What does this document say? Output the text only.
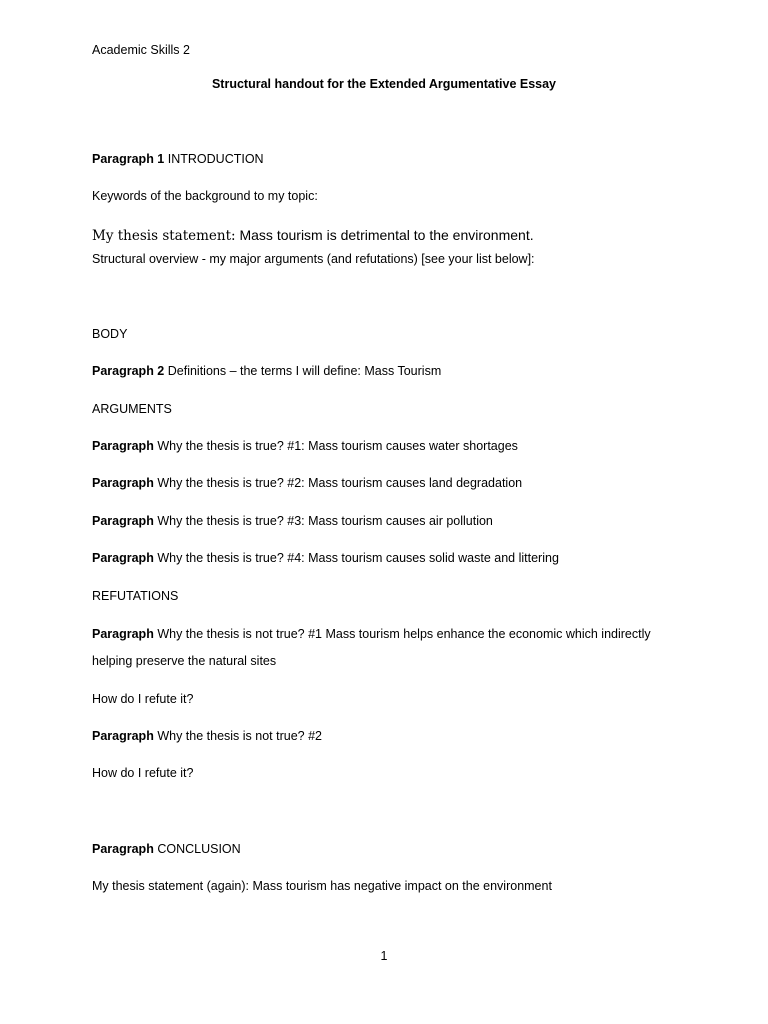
Academic Skills 2
Structural handout for the Extended Argumentative Essay
Paragraph 1 INTRODUCTION
Keywords of the background to my topic:
My thesis statement: Mass tourism is detrimental to the environment.
Structural overview - my major arguments (and refutations) [see your list below]:
BODY
Paragraph 2 Definitions – the terms I will define: Mass Tourism
ARGUMENTS
Paragraph Why the thesis is true? #1: Mass tourism causes water shortages
Paragraph Why the thesis is true? #2: Mass tourism causes land degradation
Paragraph Why the thesis is true? #3: Mass tourism causes air pollution
Paragraph Why the thesis is true? #4: Mass tourism causes solid waste and littering
REFUTATIONS
Paragraph Why the thesis is not true? #1 Mass tourism helps enhance the economic which indirectly
helping preserve the natural sites
How do I refute it?
Paragraph Why the thesis is not true? #2
How do I refute it?
Paragraph CONCLUSION
My thesis statement (again): Mass tourism has negative impact on the environment
1
